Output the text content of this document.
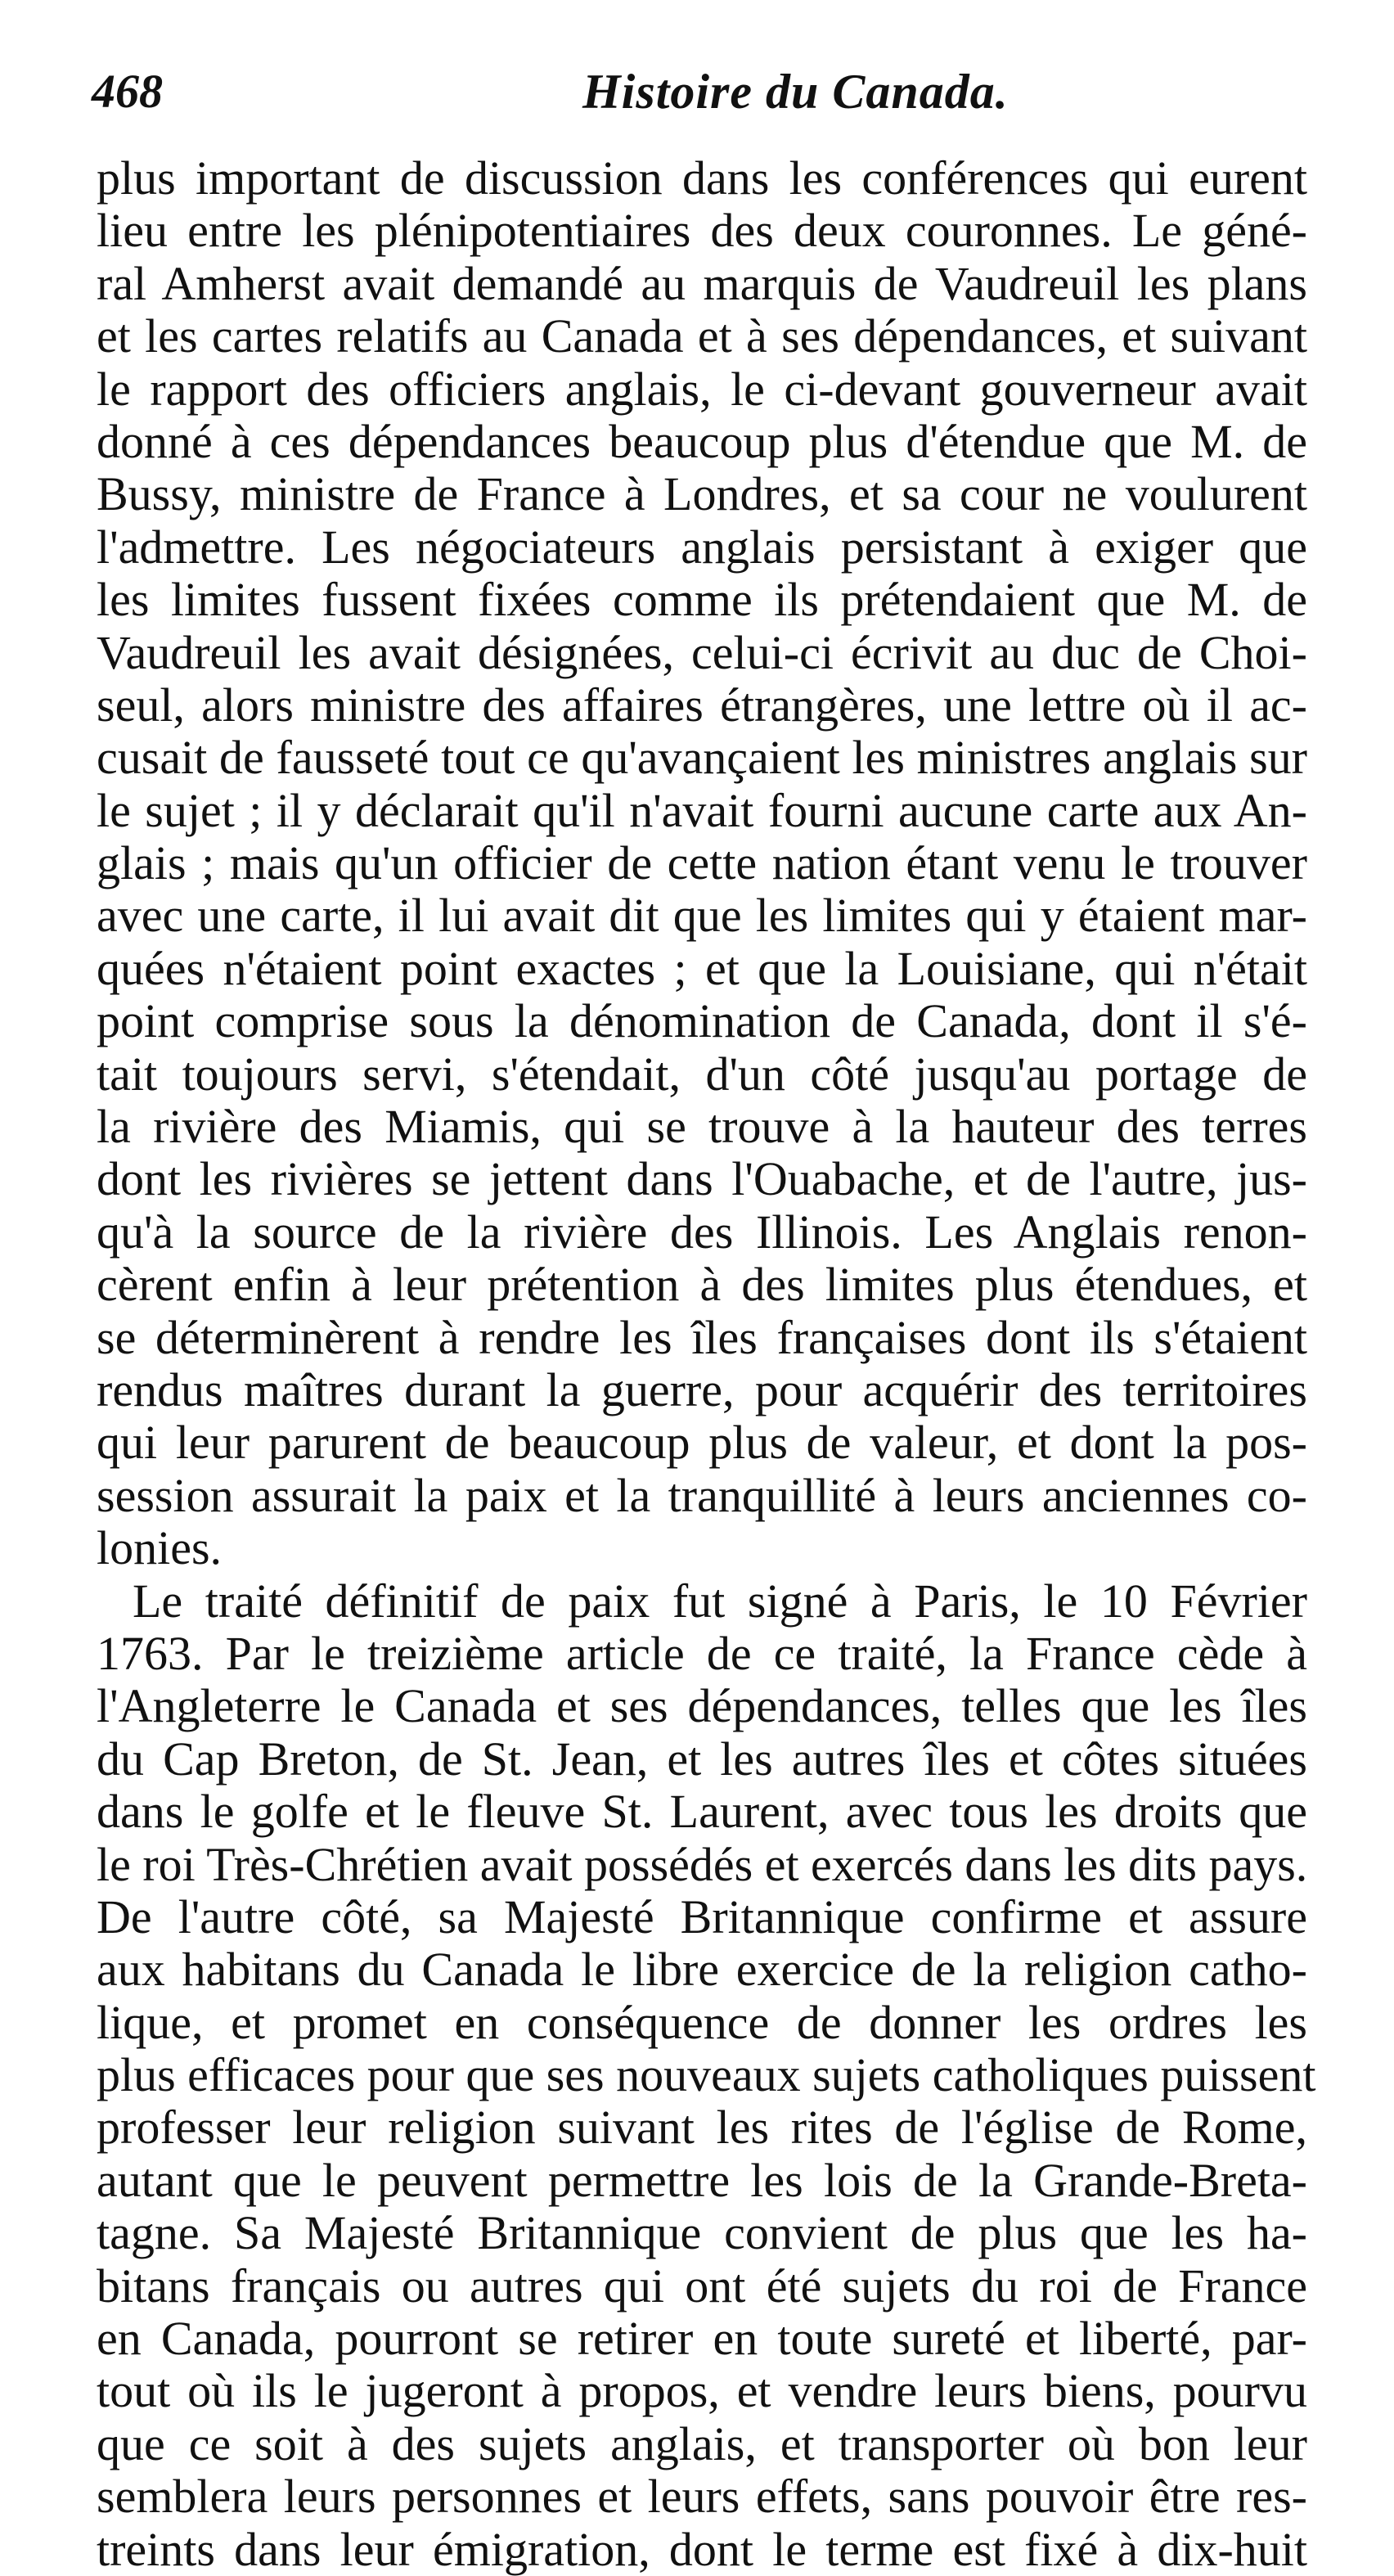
468	Histoire du Canada.
plus important de discussion dans les conférences qui eurent
lieu entre les plénipotentiaires des deux couronnes. Le géné-
ral Amherst avait demandé au marquis de Vaudreuil les plans
et les cartes relatifs au Canada et à ses dépendances, et suivant
le rapport des officiers anglais, le ci-devant gouverneur avait
donné à ces dépendances beaucoup plus d'étendue que M. de
Bussy, ministre de France à Londres, et sa cour ne voulurent
l'admettre. Les négociateurs anglais persistant à exiger que
les limites fussent fixées comme ils prétendaient que M. de
Vaudreuil les avait désignées, celui-ci écrivit au duc de Choi-
seul, alors ministre des affaires étrangères, une lettre où il ac-
cusait de fausseté tout ce qu'avançaient les ministres anglais sur
le sujet ; il y déclarait qu'il n'avait fourni aucune carte aux An-
glais ; mais qu'un officier de cette nation étant venu le trouver
avec une carte, il lui avait dit que les limites qui y étaient mar-
quées n'étaient point exactes ; et que la Louisiane, qui n'était
point comprise sous la dénomination de Canada, dont il s'é-
tait toujours servi, s'étendait, d'un côté jusqu'au portage de
la rivière des Miamis, qui se trouve à la hauteur des terres
dont les rivières se jettent dans l'Ouabache, et de l'autre, jus-
qu'à la source de la rivière des Illinois. Les Anglais renon-
cèrent enfin à leur prétention à des limites plus étendues, et
se déterminèrent à rendre les îles françaises dont ils s'étaient
rendus maîtres durant la guerre, pour acquérir des territoires
qui leur parurent de beaucoup plus de valeur, et dont la pos-
session assurait la paix et la tranquillité à leurs anciennes co-
lonies.
Le traité définitif de paix fut signé à Paris, le 10 Février
1763. Par le treizième article de ce traité, la France cède à
l'Angleterre le Canada et ses dépendances, telles que les îles
du Cap Breton, de St. Jean, et les autres îles et côtes situées
dans le golfe et le fleuve St. Laurent, avec tous les droits que
le roi Très-Chrétien avait possédés et exercés dans les dits pays.
De l'autre côté, sa Majesté Britannique confirme et assure
aux habitans du Canada le libre exercice de la religion catho-
lique, et promet en conséquence de donner les ordres les
plus efficaces pour que ses nouveaux sujets catholiques puissent
professer leur religion suivant les rites de l'église de Rome,
autant que le peuvent permettre les lois de la Grande-Breta-
tagne. Sa Majesté Britannique convient de plus que les ha-
bitans français ou autres qui ont été sujets du roi de France
en Canada, pourront se retirer en toute sureté et liberté, par-
tout où ils le jugeront à propos, et vendre leurs biens, pourvu
que ce soit à des sujets anglais, et transporter où bon leur
semblera leurs personnes et leurs effets, sans pouvoir être res-
treints dans leur émigration, dont le terme est fixé à dix-huit
